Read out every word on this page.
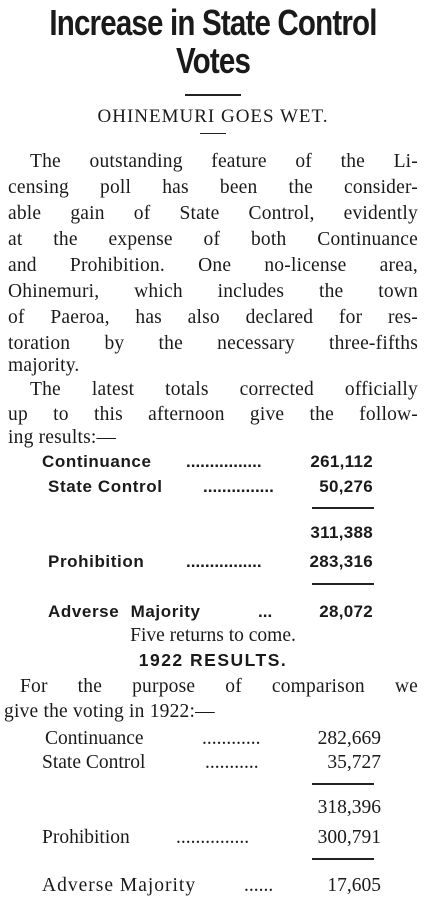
Increase in State Control
Votes
OHINEMURI GOES WET.
The outstanding feature of the Li-
censing poll has been the consider-
able gain of State Control, evidently
at the expense of both Continuance
and Prohibition. One no-license area,
Ohinemuri, which includes the town
of Paeroa, has also declared for res-
toration by the necessary three-fifths
majority.
The latest totals corrected officially
up to this afternoon give the follow-
ing results:—
Continuance ................	261,112
State Control ...............	50,276
311,388
Prohibition ................	283,316
Adverse Majority	...	28,072
Five returns to come.
1922 RESULTS.
For the purpose of comparison we
give the voting in 1922:—
Continuance	............	282,669
State Control	...........	35,727
318,396
Prohibition ...............	300,791
Adverse Majority ......	17,605
